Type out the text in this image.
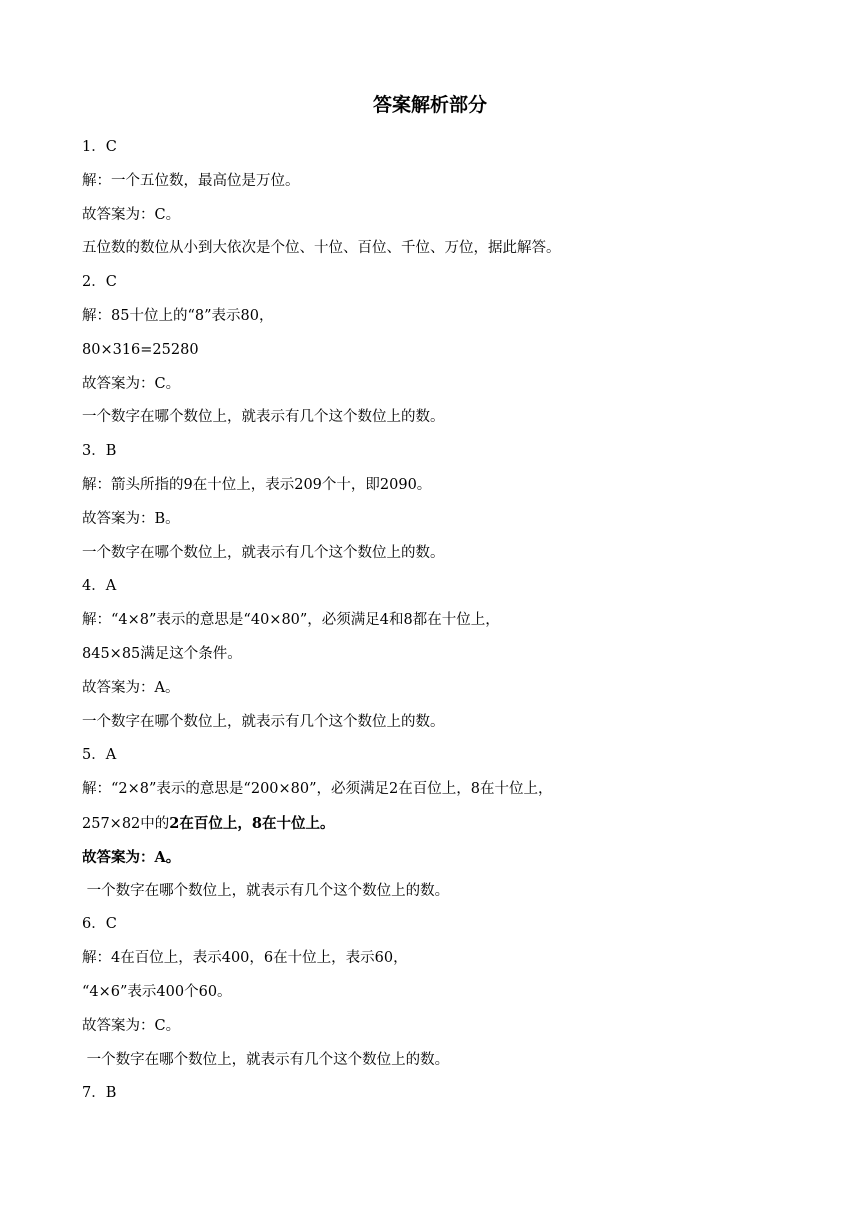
答案解析部分
1．C
解：一个五位数，最高位是万位。
故答案为：C。
五位数的数位从小到大依次是个位、十位、百位、千位、万位，据此解答。
2．C
解：85十位上的“8”表示80，
80×316=25280
故答案为：C。
一个数字在哪个数位上，就表示有几个这个数位上的数。
3．B
解：箭头所指的9在十位上，表示209个十，即2090。
故答案为：B。
一个数字在哪个数位上，就表示有几个这个数位上的数。
4．A
解：“4×8”表示的意思是“40×80”，必须满足4和8都在十位上，
845×85满足这个条件。
故答案为：A。
一个数字在哪个数位上，就表示有几个这个数位上的数。
5．A
解：“2×8”表示的意思是“200×80”，必须满足2在百位上，8在十位上，
257×82中的2在百位上，8在十位上。
故答案为：A。
一个数字在哪个数位上，就表示有几个这个数位上的数。
6．C
解：4在百位上，表示400，6在十位上，表示60，
“4×6”表示400个60。
故答案为：C。
一个数字在哪个数位上，就表示有几个这个数位上的数。
7．B
